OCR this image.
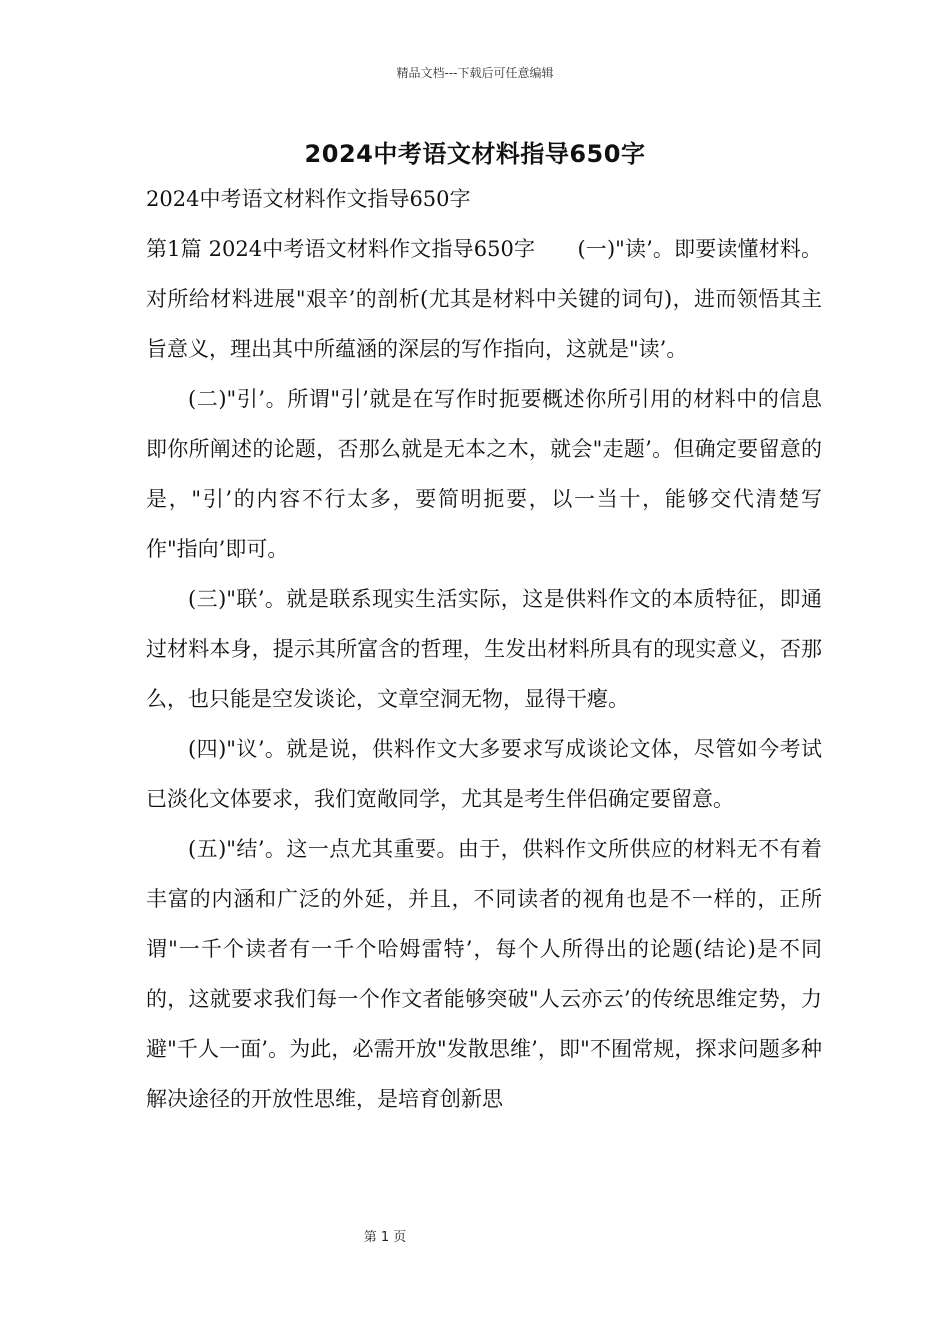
精品文档---下载后可任意编辑
2024中考语文材料指导650字
2024中考语文材料作文指导650字

第1篇 2024中考语文材料作文指导650字　　(一)"读’。即要读懂材料。对所给材料进展"艰辛’的剖析(尤其是材料中关键的词句)，进而领悟其主旨意义，理出其中所蕴涵的深层的写作指向，这就是"读’。

(二)"引’。所谓"引’就是在写作时扼要概述你所引用的材料中的信息即你所阐述的论题，否那么就是无本之木，就会"走题’。但确定要留意的是，"引’的内容不行太多，要简明扼要，以一当十，能够交代清楚写作"指向’即可。

(三)"联’。就是联系现实生活实际，这是供料作文的本质特征，即通过材料本身，提示其所富含的哲理，生发出材料所具有的现实意义，否那么，也只能是空发谈论，文章空洞无物，显得干瘪。

(四)"议’。就是说，供料作文大多要求写成谈论文体，尽管如今考试已淡化文体要求，我们宽敞同学，尤其是考生伴侣确定要留意。

(五)"结’。这一点尤其重要。由于，供料作文所供应的材料无不有着丰富的内涵和广泛的外延，并且，不同读者的视角也是不一样的，正所谓"一千个读者有一千个哈姆雷特’，每个人所得出的论题(结论)是不同的，这就要求我们每一个作文者能够突破"人云亦云’的传统思维定势，力避"千人一面’。为此，必需开放"发散思维’，即"不囿常规，探求问题多种解决途径的开放性思维，是培育创新思

第 1 页
